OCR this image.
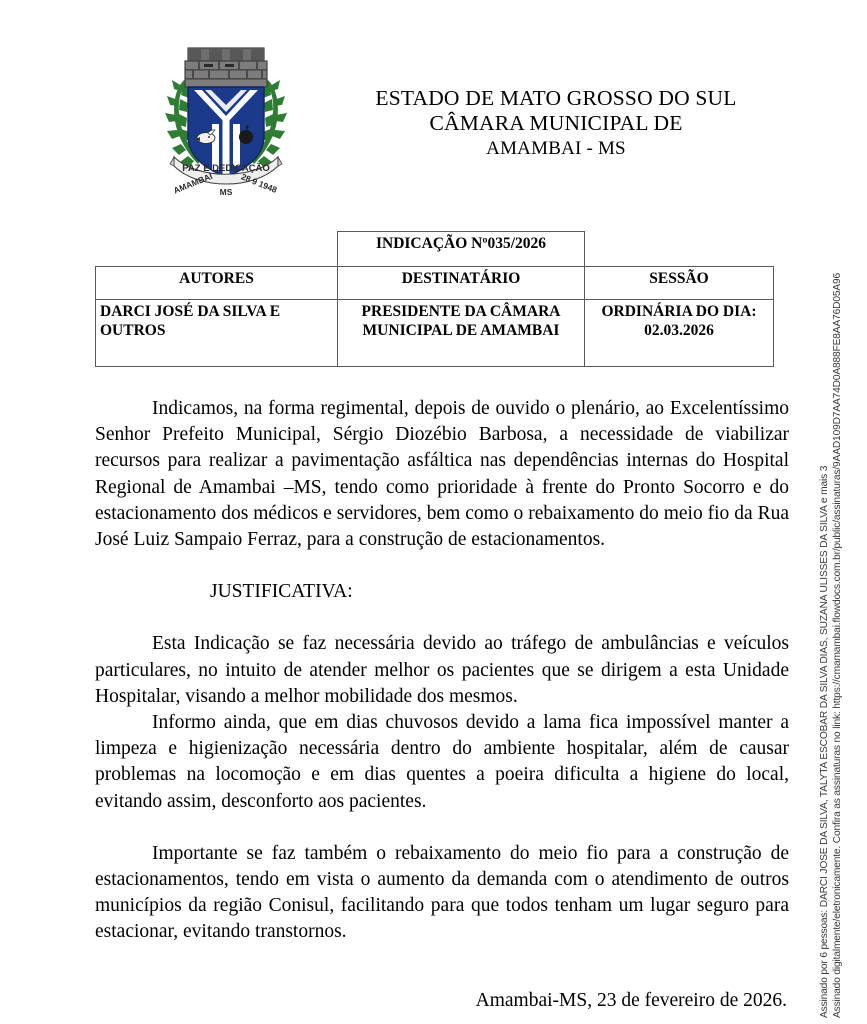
PAZ E DEDICAÇÃO
AMAMBAI MS 28 9 1948
ESTADO DE MATO GROSSO DO SUL
CÂMARA MUNICIPAL DE
AMAMBAI - MS
	INDICAÇÃO Nº035/2026	
AUTORES	DESTINATÁRIO	SESSÃO
DARCI JOSÉ DA SILVA E OUTROS	PRESIDENTE DA CÂMARA MUNICIPAL DE AMAMBAI	ORDINÁRIA DO DIA: 02.03.2026

Indicamos, na forma regimental, depois de ouvido o plenário, ao Excelentíssimo Senhor Prefeito Municipal, Sérgio Diozébio Barbosa, a necessidade de viabilizar recursos para realizar a pavimentação asfáltica nas dependências internas do Hospital Regional de Amambai –MS, tendo como prioridade à frente do Pronto Socorro e do estacionamento dos médicos e servidores, bem como o rebaixamento do meio fio da Rua José Luiz Sampaio Ferraz, para a construção de estacionamentos.

JUSTIFICATIVA:

Esta Indicação se faz necessária devido ao tráfego de ambulâncias e veículos particulares, no intuito de atender melhor os pacientes que se dirigem a esta Unidade Hospitalar, visando a melhor mobilidade dos mesmos.

Informo ainda, que em dias chuvosos devido a lama fica impossível manter a limpeza e higienização necessária dentro do ambiente hospitalar, além de causar problemas na locomoção e em dias quentes a poeira dificulta a higiene do local, evitando assim, desconforto aos pacientes.

Importante se faz também o rebaixamento do meio fio para a construção de estacionamentos, tendo em vista o aumento da demanda com o atendimento de outros municípios da região Conisul, facilitando para que todos tenham um lugar seguro para estacionar, evitando transtornos.

Amambai-MS, 23 de fevereiro de 2026.	Assinado por 6 pessoas: DARCI JOSE DA SILVA, TALYTA ESCOBAR DA SILVA DIAS, SUZANA ULISSES DA SILVA e mais 3 Assinado digitalmente/eletronicamente. Confira as assinaturas no link: https://cmamambai.flowdocs.com.br/public/assinaturas/9AAD109D7AA74D0A888FE8AA76D05A96
